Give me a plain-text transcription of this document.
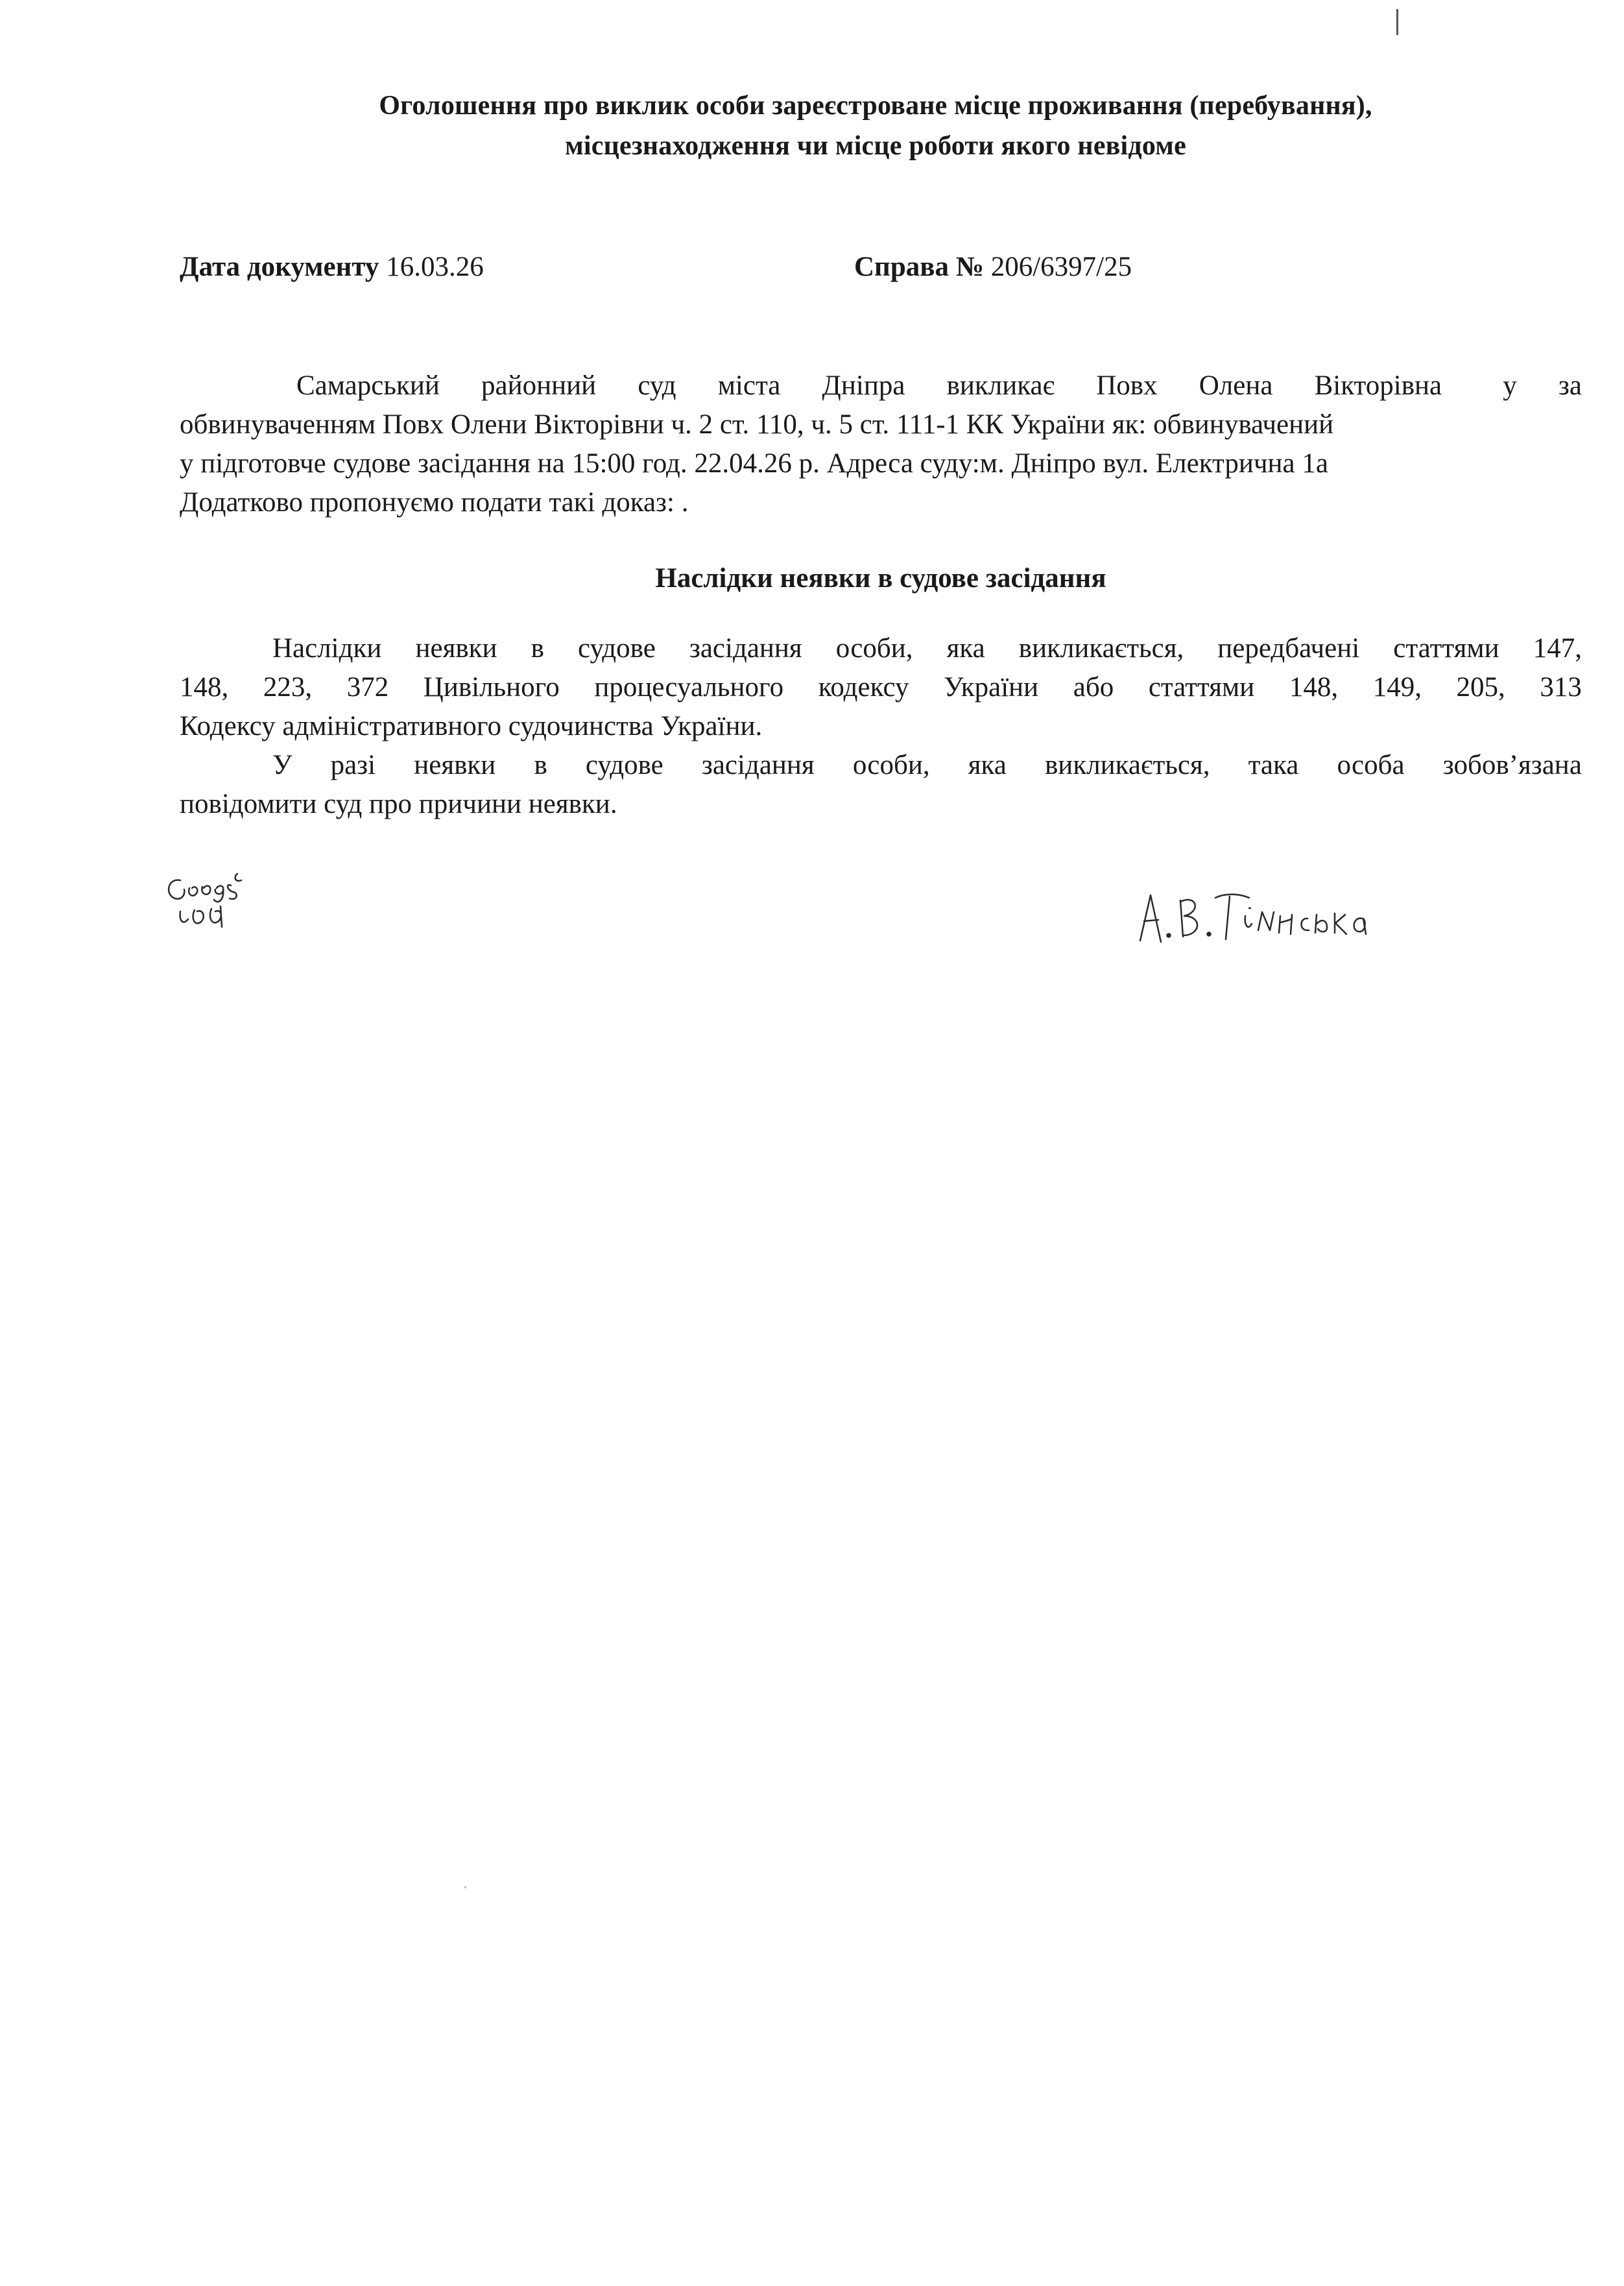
Оголошення про виклик особи зареєстроване місце проживання (перебування),
місцезнаходження чи місце роботи якого невідоме
Дата документу 16.03.26	Справа № 206/6397/25
Самарський районний суд міста Дніпра викликає Повх Олена Вікторівна у за
обвинуваченням Повх Олени Вікторівни ч. 2 ст. 110, ч. 5 ст. 111-1 КК України як: обвинувачений
у підготовче судове засідання на 15:00 год. 22.04.26 р. Адреса суду:м. Дніпро вул. Електрична 1а
Додатково пропонуємо подати такі доказ: .
Наслідки неявки в судове засідання
Наслідки неявки в судове засідання особи, яка викликається, передбачені статтями 147,
148, 223, 372 Цивільного процесуального кодексу України або статтями 148, 149, 205, 313
Кодексу адміністративного судочинства України.
У разі неявки в судове засідання особи, яка викликається, така особа зобов’язана
повідомити суд про причини неявки.
